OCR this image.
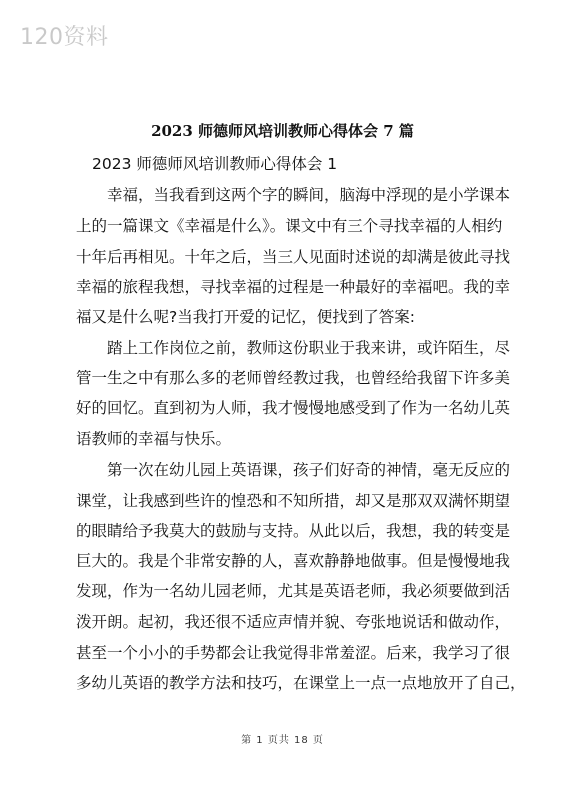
120资料
2023 师德师风培训教师心得体会 7 篇
2023 师德师风培训教师心得体会 1
幸福，当我看到这两个字的瞬间，脑海中浮现的是小学课本
上的一篇课文《幸福是什么》。课文中有三个寻找幸福的人相约
十年后再相见。十年之后，当三人见面时述说的却满是彼此寻找
幸福的旅程我想，寻找幸福的过程是一种最好的幸福吧。我的幸
福又是什么呢?当我打开爱的记忆，便找到了答案:
踏上工作岗位之前，教师这份职业于我来讲，或许陌生，尽
管一生之中有那么多的老师曾经教过我，也曾经给我留下许多美
好的回忆。直到初为人师，我才慢慢地感受到了作为一名幼儿英
语教师的幸福与快乐。
第一次在幼儿园上英语课，孩子们好奇的神情，毫无反应的
课堂，让我感到些许的惶恐和不知所措，却又是那双双满怀期望
的眼睛给予我莫大的鼓励与支持。从此以后，我想，我的转变是
巨大的。我是个非常安静的人，喜欢静静地做事。但是慢慢地我
发现，作为一名幼儿园老师，尤其是英语老师，我必须要做到活
泼开朗。起初，我还很不适应声情并貌、夸张地说话和做动作，
甚至一个小小的手势都会让我觉得非常羞涩。后来，我学习了很
多幼儿英语的教学方法和技巧，在课堂上一点一点地放开了自己，
第 1 页共 18 页
